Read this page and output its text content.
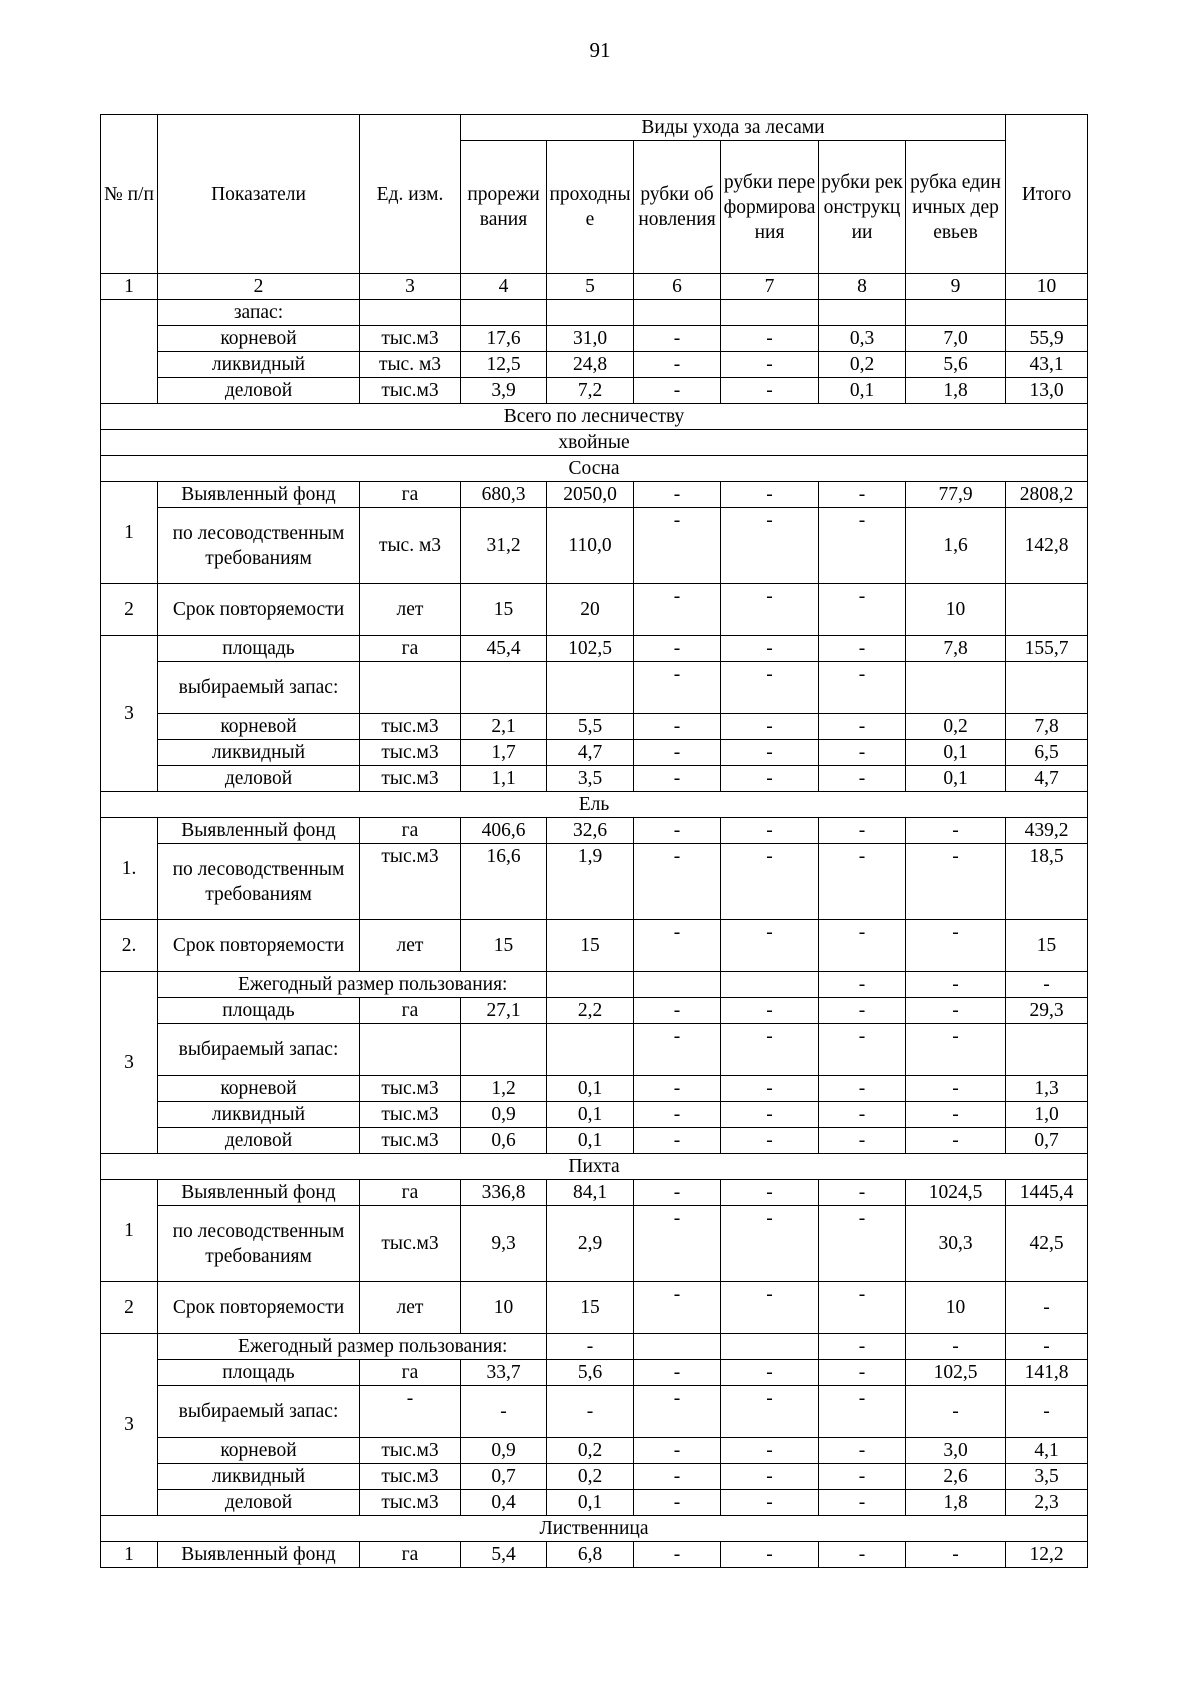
91
№ п/п	Показатели	Ед. изм.	Виды ухода за лесами						Итого
			прореживания	проходные	рубки обновления	рубки переформирования	рубки реконструкции	рубка единичных деревьев	
1	2	3	4	5	6	7	8	9	10
	запас:								
	корневой	тыс.м3	17,6	31,0	-	-	0,3	7,0	55,9
	ликвидный	тыс. м3	12,5	24,8	-	-	0,2	5,6	43,1
	деловой	тыс.м3	3,9	7,2	-	-	0,1	1,8	13,0
Всего по лесничеству									
хвойные									
Сосна									
1	Выявленный фонд	га	680,3	2050,0	-	-	-	77,9	2808,2
	по лесоводственным требованиям	тыс. м3	31,2	110,0	-	-	-	1,6	142,8
2	Срок повторяемости	лет	15	20	-	-	-	10	
3	площадь	га	45,4	102,5	-	-	-	7,8	155,7
	выбираемый запас:				-	-	-		
	корневой	тыс.м3	2,1	5,5	-	-	-	0,2	7,8
	ликвидный	тыс.м3	1,7	4,7	-	-	-	0,1	6,5
	деловой	тыс.м3	1,1	3,5	-	-	-	0,1	4,7
Ель									
1.	Выявленный фонд	га	406,6	32,6	-	-	-	-	439,2
	по лесоводственным требованиям	тыс.м3	16,6	1,9	-	-	-	-	18,5
2.	Срок повторяемости	лет	15	15	-	-	-	-	15
3	Ежегодный размер пользования:						-	-	-
	площадь	га	27,1	2,2	-	-	-	-	29,3
	выбираемый запас:				-	-	-	-	
	корневой	тыс.м3	1,2	0,1	-	-	-	-	1,3
	ликвидный	тыс.м3	0,9	0,1	-	-	-	-	1,0
	деловой	тыс.м3	0,6	0,1	-	-	-	-	0,7
Пихта									
1	Выявленный фонд	га	336,8	84,1	-	-	-	1024,5	1445,4
	по лесоводственным требованиям	тыс.м3	9,3	2,9	-	-	-	30,3	42,5
2	Срок повторяемости	лет	10	15	-	-	-	10	-
3	Ежегодный размер пользования:			-			-	-	-
	площадь	га	33,7	5,6	-	-	-	102,5	141,8
	выбираемый запас:	-	-	-	-	-	-	-	-
	корневой	тыс.м3	0,9	0,2	-	-	-	3,0	4,1
	ликвидный	тыс.м3	0,7	0,2	-	-	-	2,6	3,5
	деловой	тыс.м3	0,4	0,1	-	-	-	1,8	2,3
Лиственница									
1	Выявленный фонд	га	5,4	6,8	-	-	-	-	12,2
